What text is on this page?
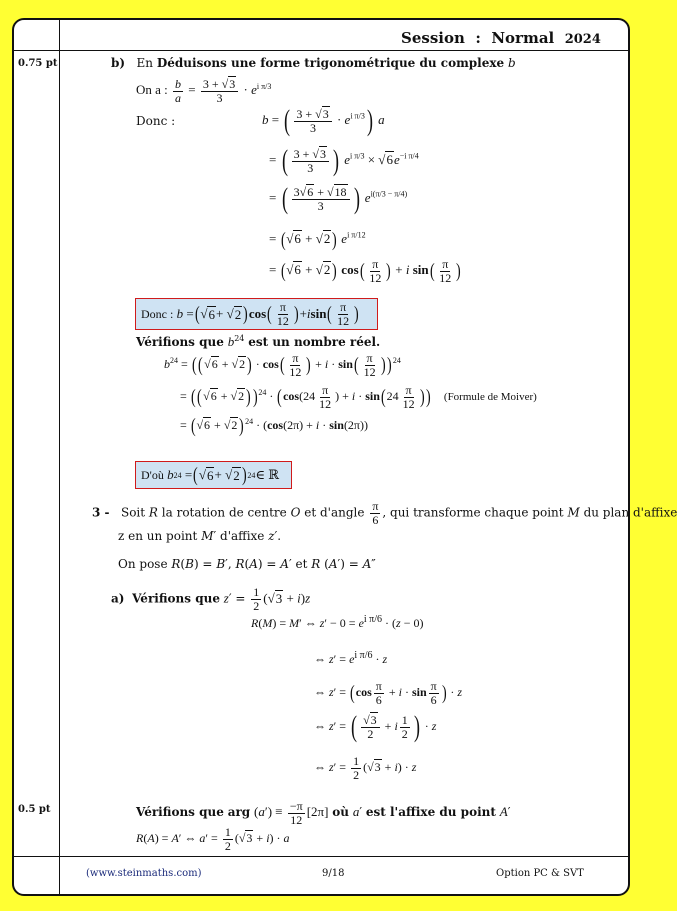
Session : Normal 2024
0.75 pt
0.5 pt
b) En Déduisons une forme trigonométrique du complexe b
On a : $\frac{b}{a} = \frac{3 + √3}{3} \cdot e^{i \pi/3}$
Donc :	b = ( $\frac{3 + √3}{3} \cdot e^{i \pi/3}$) a
= ( $\frac{3 + √3}{3}$ ) $e^{i \pi/3} \times √6e^{-i \pi/4}$
= ( $\frac{3√6 + √18}{3}$ ) $e^{i(\pi/3 - \pi/4)}$
= (√6 + √2 ) $e^{i \pi/12}$
= (√6 + √2 ) $\cos( \frac{\pi}{12}$ ) + i $\sin( \frac{\pi}{12}$ )
Donc :
b = ( √ 6 + √ 2 ) cos ( $\frac{\pi}{12}$ ) + i sin ( $\frac{\pi}{12}$ )
Vérifions que $b^{24}$ est un nombre réel.
$b^{24}$ = ( (√6 + √2 ) · $\cos( \frac{\pi}{12}$ ) + $i \cdot \sin( \frac{\pi}{12}$ ) )$^{24}$
= ( (√6 + √2 ) )$^{24} \cdot (\cos(24 \frac{\pi}{12}$ ) + $i \cdot \sin(24 \frac{\pi}{12}$ ) ) (Formule de Moiver)
= (√6 + √2 )$^{24}$ · (cos(2π) + i · sin(2π))
D'où
b 24 = ( √ 6 + √ 2 ) 24 ∈ ℝ
3 - Soit R la rotation de centre O et d'angle $\frac{\pi}{6}$ , qui transforme chaque point M du plan d'affixe
z en un point M′ d'affixe z′.
On pose R(B) = B′, R(A) = A′ et R (A′) = A″
a) Vérifions que $z' = \frac{1}{2} (√3 + i)z$
R(M) = M′ ⇔ $z' - 0 = e^{i \pi/6} \cdot (z - 0)$
⇔ $z' = e^{i \pi/6} \cdot z$
⇔ $z' = (\cos \frac{\pi}{6} + i \cdot \sin \frac{\pi}{6}$ ) · z
⇔ z′ = ( $\frac{√3}{2} + i \frac{1}{2}$ ) · z
⇔ $z' = \frac{1}{2} (√3 + i) \cdot z$
Vérifions que arg $(a') \equiv \frac{-\pi}{12} [2\pi]$ où a′ est l'affixe du point A′
R(A) = A′ ⇔ $a' = \frac{1}{2} (√3 + i) \cdot a$
(www.steinmaths.com)	9/18	Option PC & SVT
